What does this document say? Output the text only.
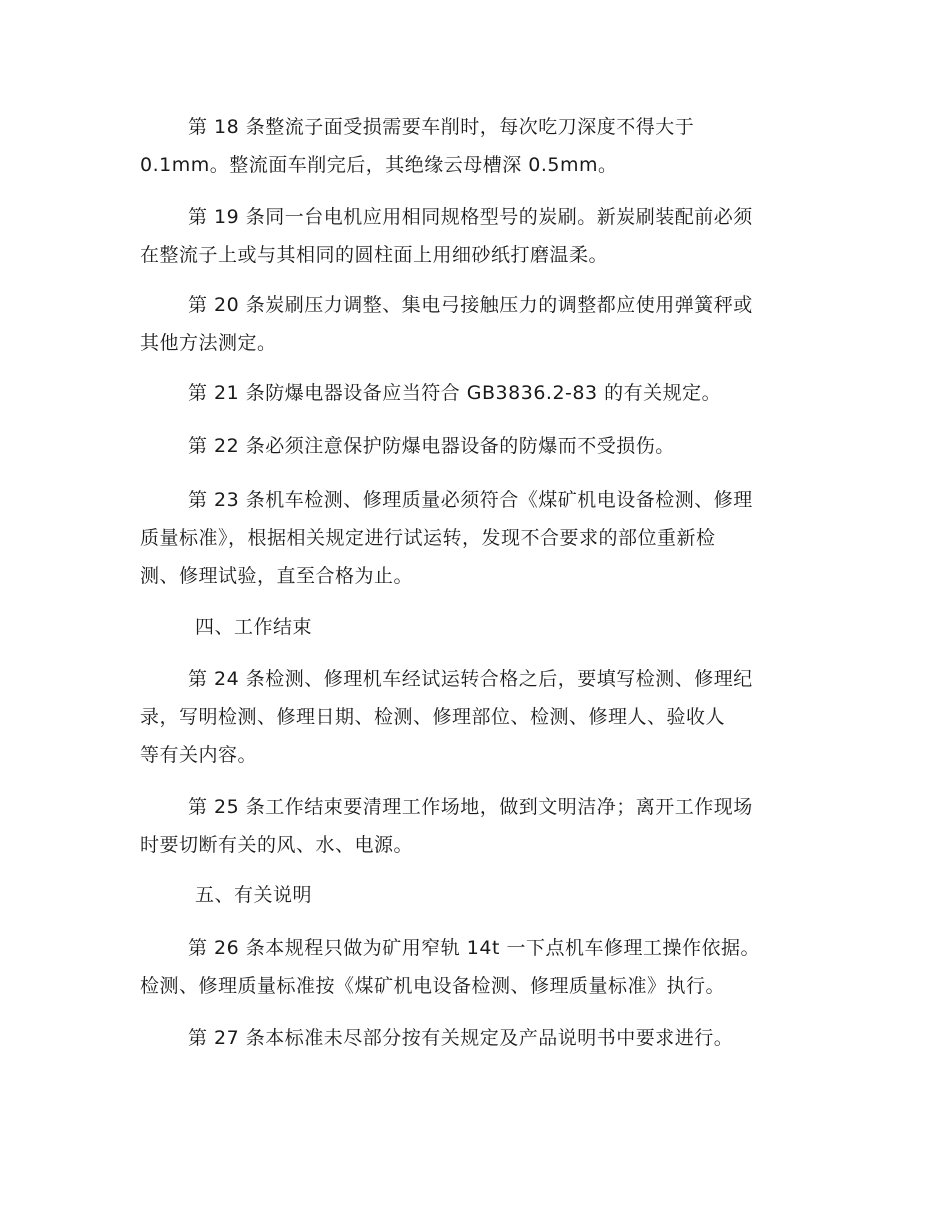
第 18 条整流子面受损需要车削时，每次吃刀深度不得大于
0.1mm。整流面车削完后，其绝缘云母槽深 0.5mm。
第 19 条同一台电机应用相同规格型号的炭刷。新炭刷装配前必须
在整流子上或与其相同的圆柱面上用细砂纸打磨温柔。
第 20 条炭刷压力调整、集电弓接触压力的调整都应使用弹簧秤或
其他方法测定。
第 21 条防爆电器设备应当符合 GB3836.2-83 的有关规定。
第 22 条必须注意保护防爆电器设备的防爆而不受损伤。
第 23 条机车检测、修理质量必须符合《煤矿机电设备检测、修理
质量标准》，根据相关规定进行试运转，发现不合要求的部位重新检
测、修理试验，直至合格为止。
四、工作结束
第 24 条检测、修理机车经试运转合格之后，要填写检测、修理纪
录，写明检测、修理日期、检测、修理部位、检测、修理人、验收人
等有关内容。
第 25 条工作结束要清理工作场地，做到文明洁净；离开工作现场
时要切断有关的风、水、电源。
五、有关说明
第 26 条本规程只做为矿用窄轨 14t 一下点机车修理工操作依据。
检测、修理质量标准按《煤矿机电设备检测、修理质量标准》执行。
第 27 条本标准未尽部分按有关规定及产品说明书中要求进行。
